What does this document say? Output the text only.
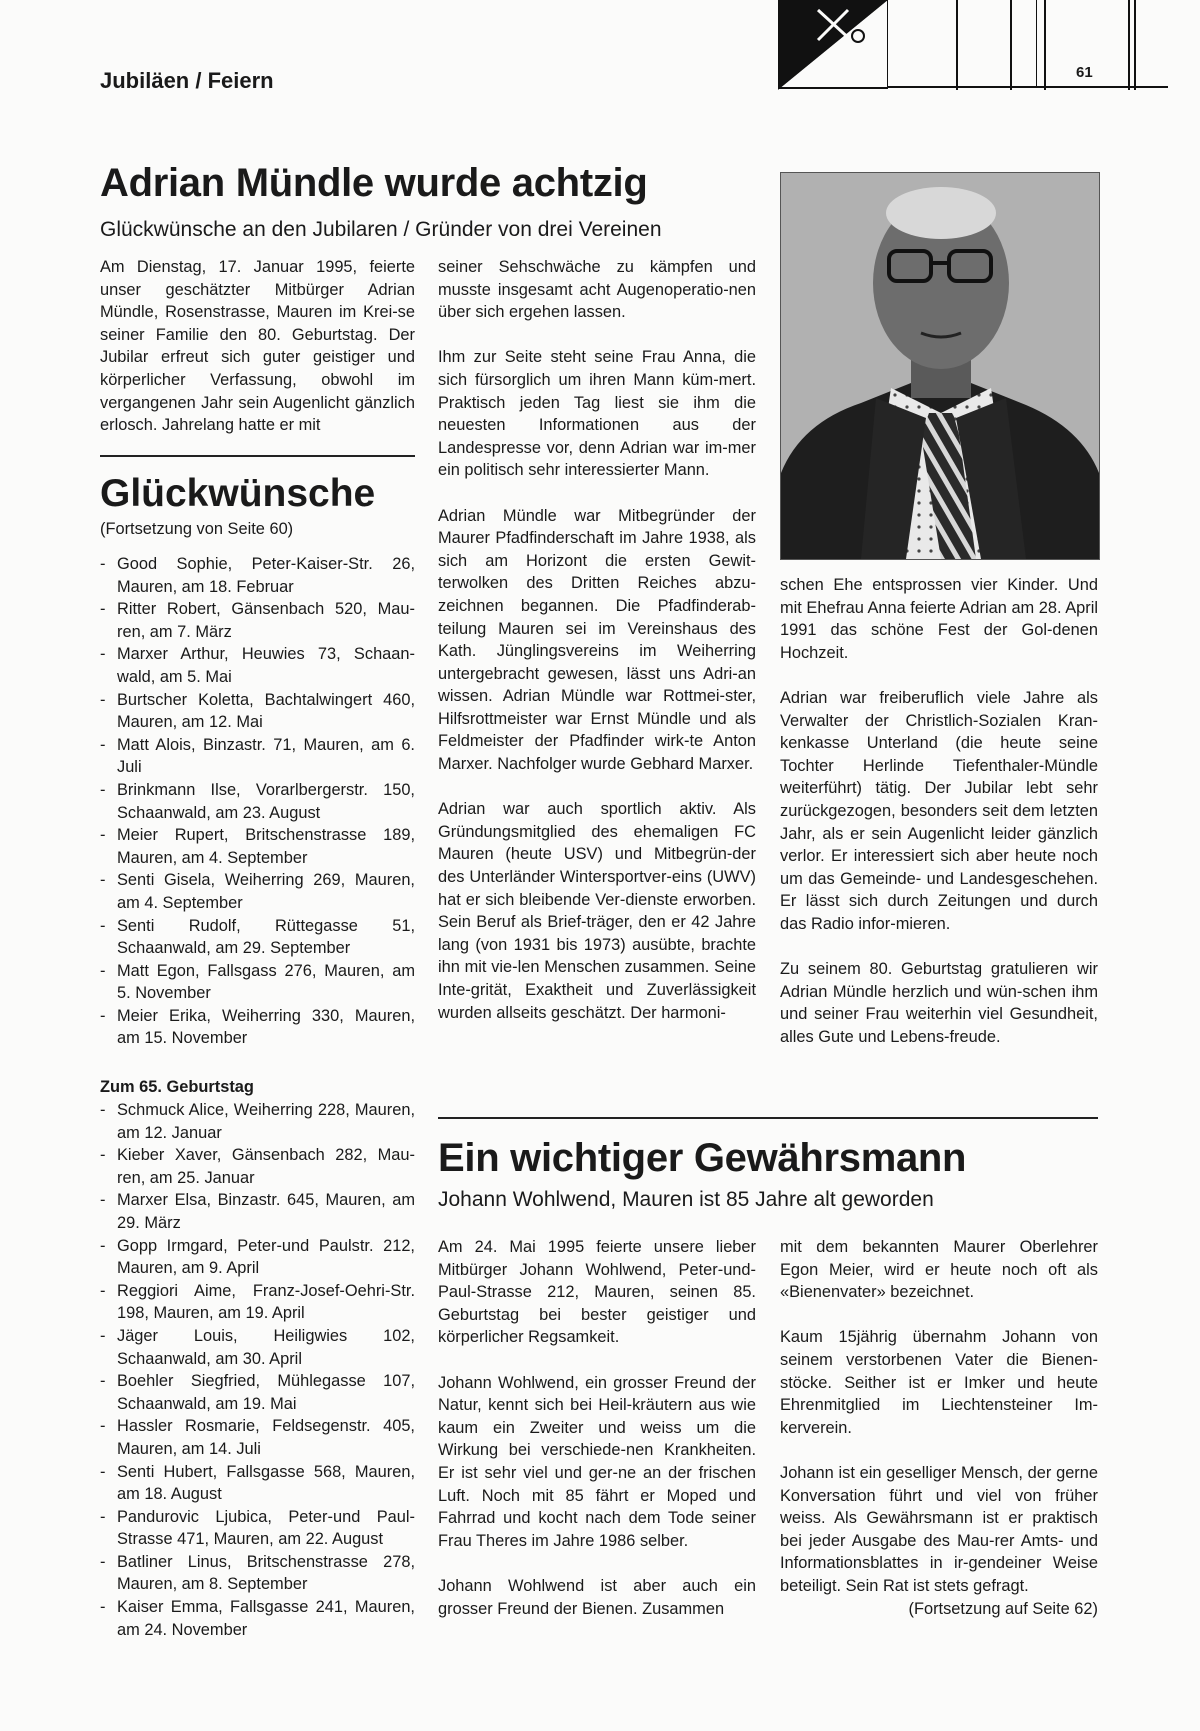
Jubiläen / Feiern	61
Adrian Mündle wurde achtzig
Glückwünsche an den Jubilaren / Gründer von drei Vereinen
Am Dienstag, 17. Januar 1995, feierte unser geschätzter Mitbürger Adrian Mündle, Rosenstrasse, Mauren im Krei-se seiner Familie den 80. Geburtstag. Der Jubilar erfreut sich guter geistiger und körperlicher Verfassung, obwohl im vergangenen Jahr sein Augenlicht gänzlich erlosch. Jahrelang hatte er mit
Glückwünsche
(Fortsetzung von Seite 60)
- Good Sophie, Peter-Kaiser-Str. 26, Mauren, am 18. Februar
- Ritter Robert, Gänsenbach 520, Mau-ren, am 7. März
- Marxer Arthur, Heuwies 73, Schaan-wald, am 5. Mai
- Burtscher Koletta, Bachtalwingert 460, Mauren, am 12. Mai
- Matt Alois, Binzastr. 71, Mauren, am 6. Juli
- Brinkmann Ilse, Vorarlbergerstr. 150, Schaanwald, am 23. August
- Meier Rupert, Britschenstrasse 189, Mauren, am 4. September
- Senti Gisela, Weiherring 269, Mauren, am 4. September
- Senti Rudolf, Rüttegasse 51, Schaanwald, am 29. September
- Matt Egon, Fallsgass 276, Mauren, am 5. November
- Meier Erika, Weiherring 330, Mauren, am 15. November
Zum 65. Geburtstag
- Schmuck Alice, Weiherring 228, Mauren, am 12. Januar
- Kieber Xaver, Gänsenbach 282, Mau-ren, am 25. Januar
- Marxer Elsa, Binzastr. 645, Mauren, am 29. März
- Gopp Irmgard, Peter-und Paulstr. 212, Mauren, am 9. April
- Reggiori Aime, Franz-Josef-Oehri-Str. 198, Mauren, am 19. April
- Jäger Louis, Heiligwies 102, Schaanwald, am 30. April
- Boehler Siegfried, Mühlegasse 107, Schaanwald, am 19. Mai
- Hassler Rosmarie, Feldsegenstr. 405, Mauren, am 14. Juli
- Senti Hubert, Fallsgasse 568, Mauren, am 18. August
- Pandurovic Ljubica, Peter-und Paul-Strasse 471, Mauren, am 22. August
- Batliner Linus, Britschenstrasse 278, Mauren, am 8. September
- Kaiser Emma, Fallsgasse 241, Mauren, am 24. November

seiner Sehschwäche zu kämpfen und musste insgesamt acht Augenoperatio-nen über sich ergehen lassen.

Ihm zur Seite steht seine Frau Anna, die sich fürsorglich um ihren Mann küm-mert. Praktisch jeden Tag liest sie ihm die neuesten Informationen aus der Landespresse vor, denn Adrian war im-mer ein politisch sehr interessierter Mann.

Adrian Mündle war Mitbegründer der Maurer Pfadfinderschaft im Jahre 1938, als sich am Horizont die ersten Gewit-terwolken des Dritten Reiches abzu-zeichnen begannen. Die Pfadfinderab-teilung Mauren sei im Vereinshaus des Kath. Jünglingsvereins im Weiherring untergebracht gewesen, lässt uns Adri-an wissen. Adrian Mündle war Rottmei-ster, Hilfsrottmeister war Ernst Mündle und als Feldmeister der Pfadfinder wirk-te Anton Marxer. Nachfolger wurde Gebhard Marxer.

Adrian war auch sportlich aktiv. Als Gründungsmitglied des ehemaligen FC Mauren (heute USV) und Mitbegrün-der des Unterländer Wintersportver-eins (UWV) hat er sich bleibende Ver-dienste erworben. Sein Beruf als Brief-träger, den er 42 Jahre lang (von 1931 bis 1973) ausübte, brachte ihn mit vie-len Menschen zusammen. Seine Inte-grität, Exaktheit und Zuverlässigkeit wurden allseits geschätzt. Der harmoni-

schen Ehe entsprossen vier Kinder. Und mit Ehefrau Anna feierte Adrian am 28. April 1991 das schöne Fest der Gol-denen Hochzeit.

Adrian war freiberuflich viele Jahre als Verwalter der Christlich-Sozialen Kran-kenkasse Unterland (die heute seine Tochter Herlinde Tiefenthaler-Mündle weiterführt) tätig. Der Jubilar lebt sehr zurückgezogen, besonders seit dem letzten Jahr, als er sein Augenlicht leider gänzlich verlor. Er interessiert sich aber heute noch um das Gemeinde- und Landesgeschehen. Er lässt sich durch Zeitungen und durch das Radio infor-mieren.

Zu seinem 80. Geburtstag gratulieren wir Adrian Mündle herzlich und wün-schen ihm und seiner Frau weiterhin viel Gesundheit, alles Gute und Lebens-freude.

Ein wichtiger Gewährsmann
Johann Wohlwend, Mauren ist 85 Jahre alt geworden

Am 24. Mai 1995 feierte unsere lieber Mitbürger Johann Wohlwend, Peter-und-Paul-Strasse 212, Mauren, seinen 85. Geburtstag bei bester geistiger und körperlicher Regsamkeit.

Johann Wohlwend, ein grosser Freund der Natur, kennt sich bei Heil-kräutern aus wie kaum ein Zweiter und weiss um die Wirkung bei verschiede-nen Krankheiten. Er ist sehr viel und ger-ne an der frischen Luft. Noch mit 85 fährt er Moped und Fahrrad und kocht nach dem Tode seiner Frau Theres im Jahre 1986 selber.

Johann Wohlwend ist aber auch ein grosser Freund der Bienen. Zusammen

mit dem bekannten Maurer Oberlehrer Egon Meier, wird er heute noch oft als «Bienenvater» bezeichnet.

Kaum 15jährig übernahm Johann von seinem verstorbenen Vater die Bienen-stöcke. Seither ist er Imker und heute Ehrenmitglied im Liechtensteiner Im-kerverein.

Johann ist ein geselliger Mensch, der gerne Konversation führt und viel von früher weiss. Als Gewährsmann ist er praktisch bei jeder Ausgabe des Mau-rer Amts- und Informationsblattes in ir-gendeiner Weise beteiligt. Sein Rat ist stets gefragt.

(Fortsetzung auf Seite 62)
